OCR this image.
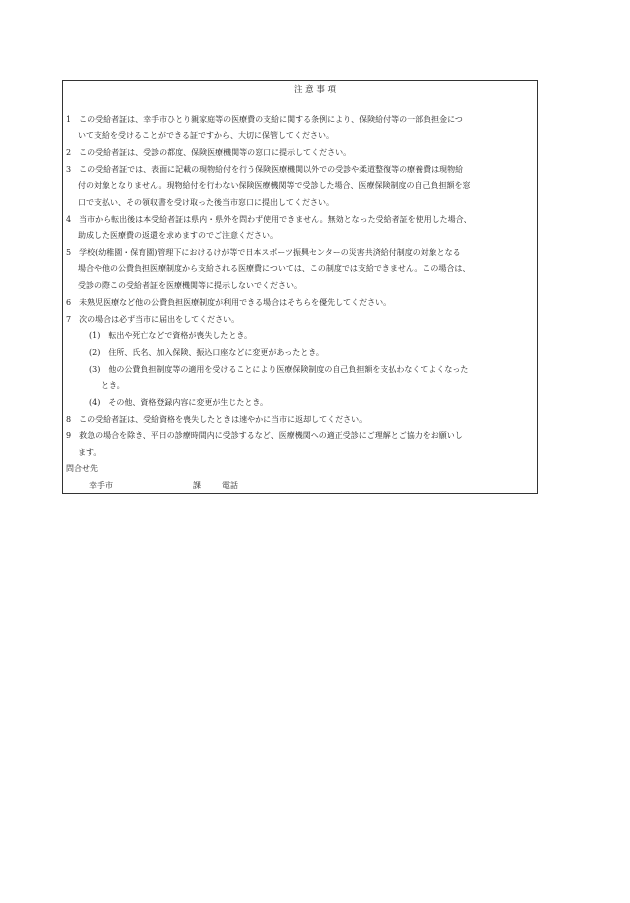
注 意 事 項
1　この受給者証は、幸手市ひとり親家庭等の医療費の支給に関する条例により、保険給付等の一部負担金につ
いて支給を受けることができる証ですから、大切に保管してください。
2　この受給者証は、受診の都度、保険医療機関等の窓口に提示してください。
3　この受給者証では、表面に記載の現物給付を行う保険医療機関以外での受診や柔道整復等の療養費は現物給
付の対象となりません。現物給付を行わない保険医療機関等で受診した場合、医療保険制度の自己負担額を窓
口で支払い、その領収書を受け取った後当市窓口に提出してください。
4　当市から転出後は本受給者証は県内・県外を問わず使用できません。無効となった受給者証を使用した場合、
助成した医療費の返還を求めますのでご注意ください。
5　学校(幼稚園・保育園)管理下におけるけが等で日本スポーツ振興センターの災害共済給付制度の対象となる
場合や他の公費負担医療制度から支給される医療費については、この制度では支給できません。この場合は、
受診の際この受給者証を医療機関等に提示しないでください。
6　未熟児医療など他の公費負担医療制度が利用できる場合はそちらを優先してください。
7　次の場合は必ず当市に届出をしてください。
(1)　転出や死亡などで資格が喪失したとき。
(2)　住所、氏名、加入保険、振込口座などに変更があったとき。
(3)　他の公費負担制度等の適用を受けることにより医療保険制度の自己負担額を支払わなくてよくなった
とき。
(4)　その他、資格登録内容に変更が生じたとき。
8　この受給者証は、受給資格を喪失したときは速やかに当市に返却してください。
9　救急の場合を除き、平日の診療時間内に受診するなど、医療機関への適正受診にご理解とご協力をお願いし
ます。
問合せ先
幸手市	課	電話
